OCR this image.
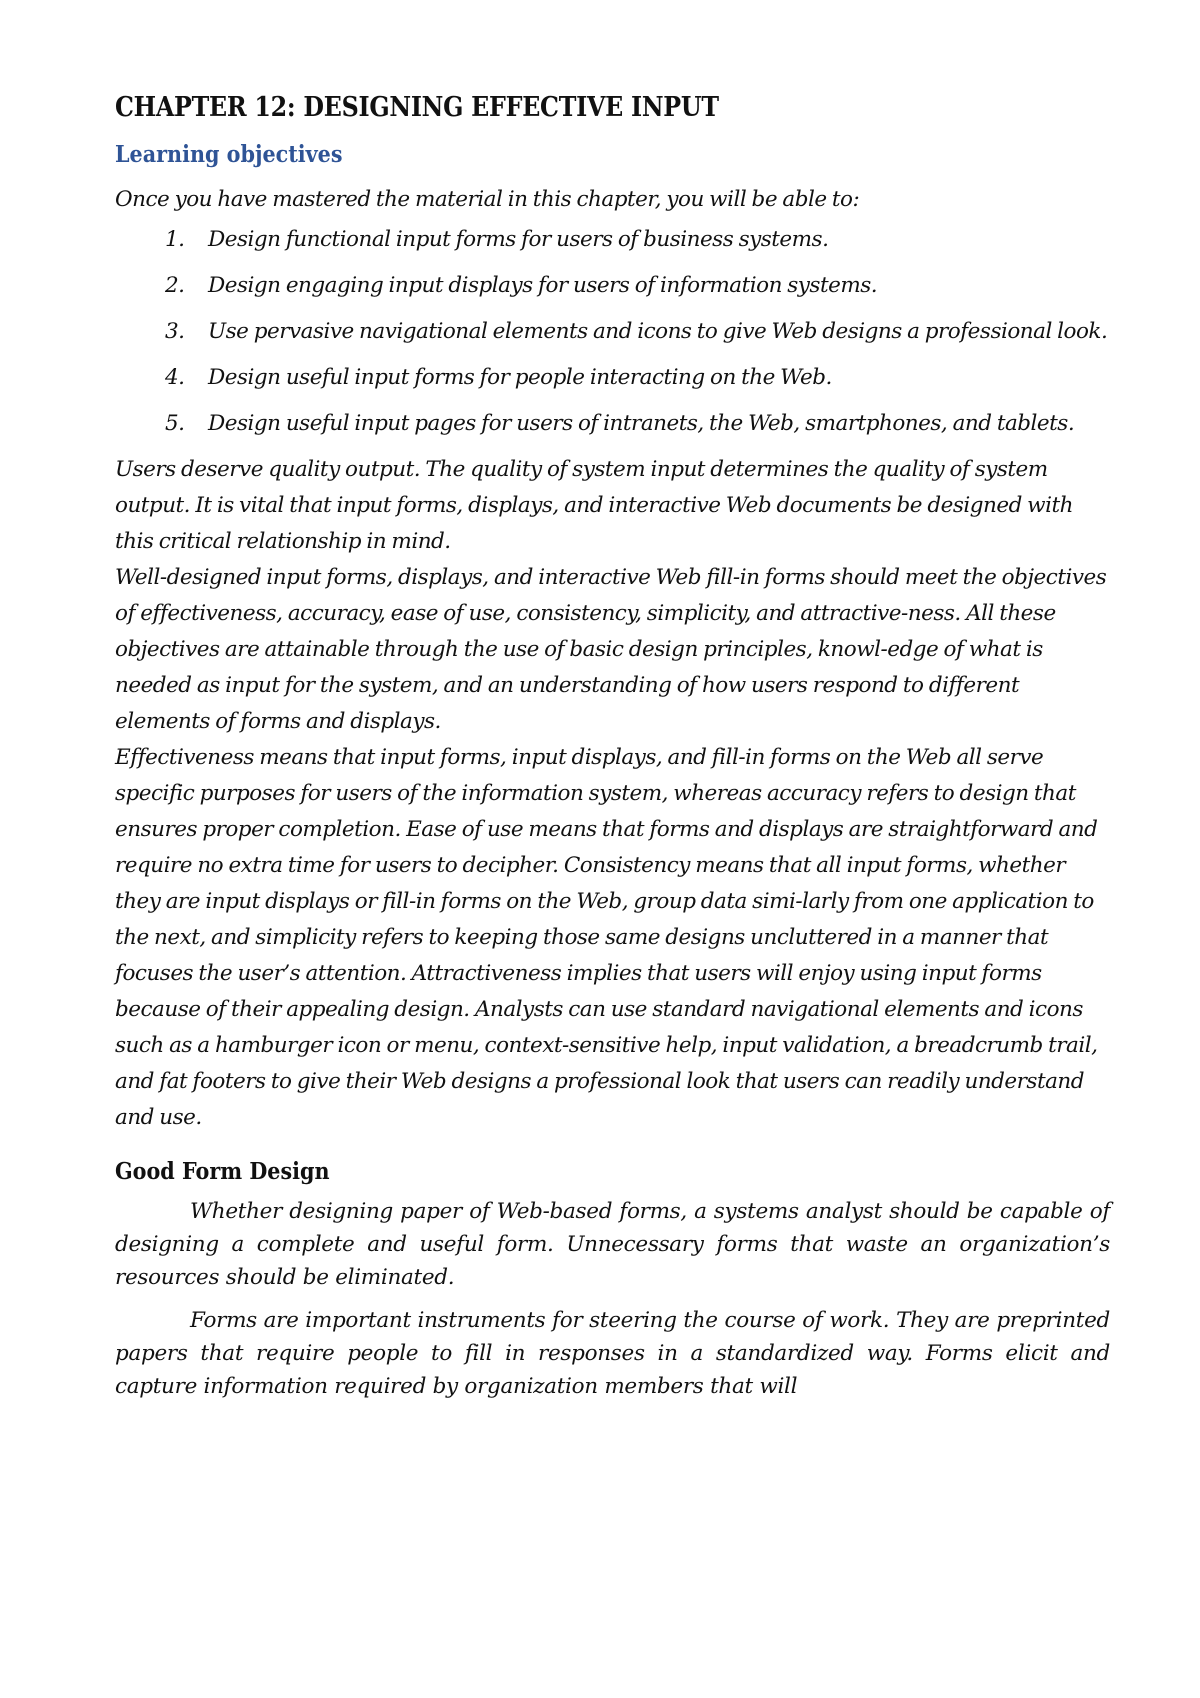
CHAPTER 12: DESIGNING EFFECTIVE INPUT
Learning objectives

Once you have mastered the material in this chapter, you will be able to:

1. Design functional input forms for users of business systems.
2. Design engaging input displays for users of information systems.
3. Use pervasive navigational elements and icons to give Web designs a professional look.
4. Design useful input forms for people interacting on the Web.
5. Design useful input pages for users of intranets, the Web, smartphones, and tablets.

Users deserve quality output. The quality of system input determines the quality of system output. It is vital that input forms, displays, and interactive Web documents be designed with this critical relationship in mind.

Well-designed input forms, displays, and interactive Web fill-in forms should meet the objectives of effectiveness, accuracy, ease of use, consistency, simplicity, and attractive-ness. All these objectives are attainable through the use of basic design principles, knowl-edge of what is needed as input for the system, and an understanding of how users respond to different elements of forms and displays.

Effectiveness means that input forms, input displays, and fill-in forms on the Web all serve specific purposes for users of the information system, whereas accuracy refers to design that ensures proper completion. Ease of use means that forms and displays are straightforward and require no extra time for users to decipher. Consistency means that all input forms, whether they are input displays or fill-in forms on the Web, group data simi-larly from one application to the next, and simplicity refers to keeping those same designs uncluttered in a manner that focuses the user’s attention. Attractiveness implies that users will enjoy using input forms because of their appealing design. Analysts can use standard navigational elements and icons such as a hamburger icon or menu, context-sensitive help, input validation, a breadcrumb trail, and fat footers to give their Web designs a professional look that users can readily understand and use.

Good Form Design

Whether designing paper of Web-based forms, a systems analyst should be capable of designing a complete and useful form. Unnecessary forms that waste an organization’s resources should be eliminated.

Forms are important instruments for steering the course of work. They are preprinted papers that require people to fill in responses in a standardized way. Forms elicit and capture information required by organization members that will
